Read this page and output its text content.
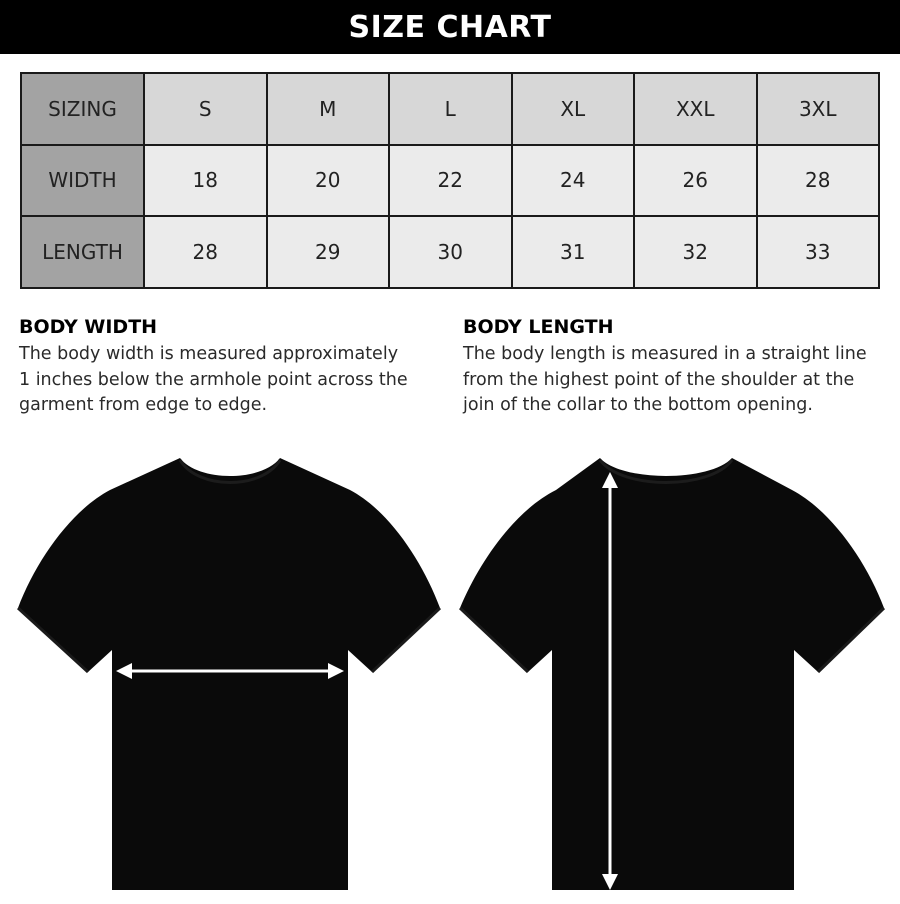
SIZE CHART
SIZING	S	M	L	XL	XXL	3XL
WIDTH	18	20	22	24	26	28
LENGTH	28	29	30	31	32	33
BODY WIDTH

The body width is measured approximately
1 inches below the armhole point across the
garment from edge to edge.

BODY LENGTH

The body length is measured in a straight line
from the highest point of the shoulder at the
join of the collar to the bottom opening.
